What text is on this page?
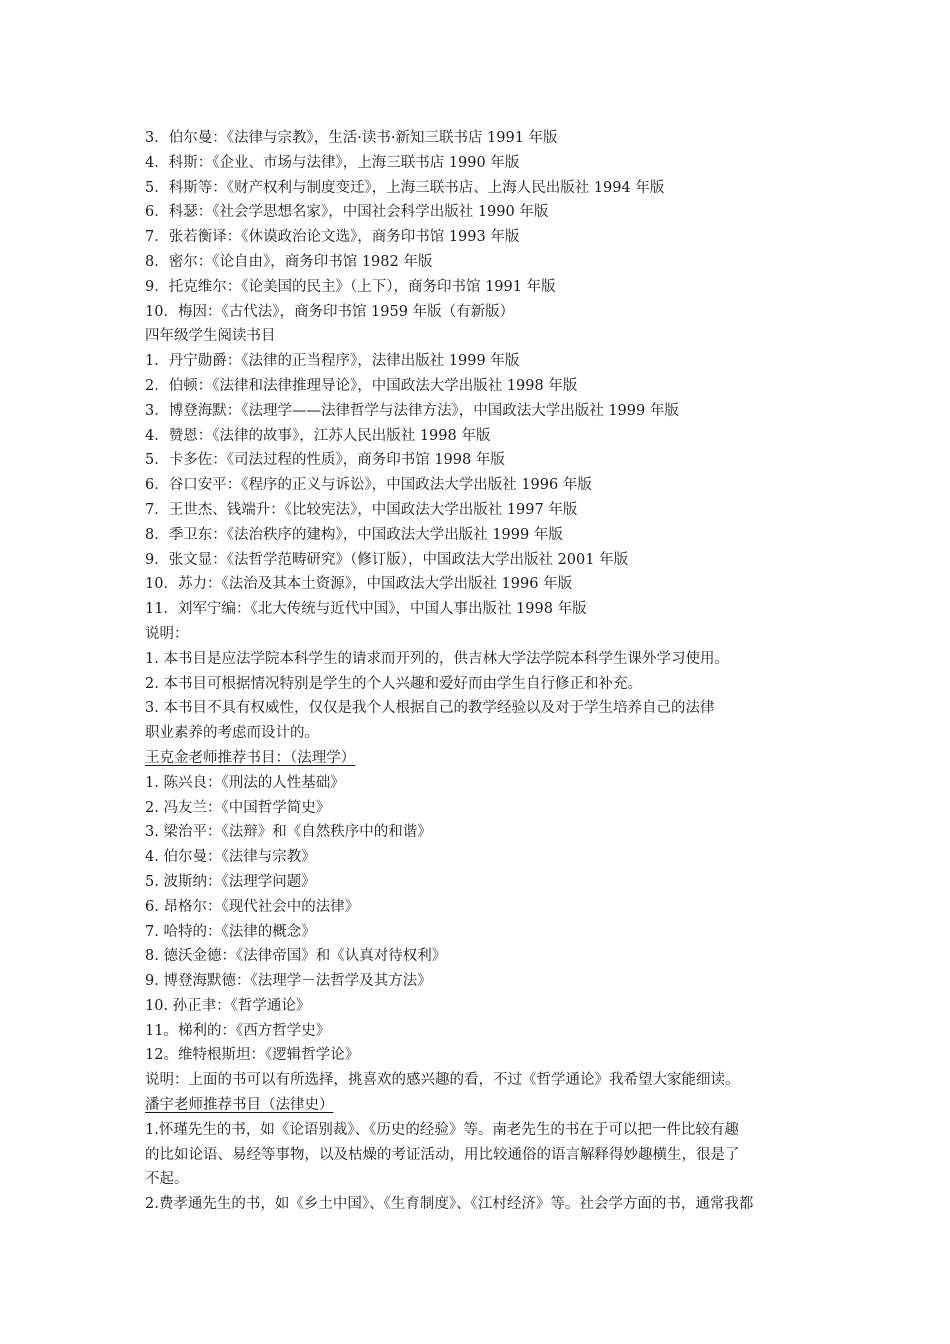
3．伯尔曼：《法律与宗教》，生活·读书·新知三联书店 1991 年版
4．科斯：《企业、市场与法律》，上海三联书店 1990 年版
5．科斯等：《财产权利与制度变迁》，上海三联书店、上海人民出版社 1994 年版
6．科瑟：《社会学思想名家》，中国社会科学出版社 1990 年版
7．张若衡译：《休谟政治论文选》，商务印书馆 1993 年版
8．密尔：《论自由》，商务印书馆 1982 年版
9．托克维尔：《论美国的民主》（上下），商务印书馆 1991 年版
10．梅因：《古代法》，商务印书馆 1959 年版（有新版）
四年级学生阅读书目
1．丹宁勋爵：《法律的正当程序》，法律出版社 1999 年版
2．伯顿：《法律和法律推理导论》，中国政法大学出版社 1998 年版
3．博登海默：《法理学——法律哲学与法律方法》，中国政法大学出版社 1999 年版
4．赞恩：《法律的故事》，江苏人民出版社 1998 年版
5．卡多佐：《司法过程的性质》，商务印书馆 1998 年版
6．谷口安平：《程序的正义与诉讼》，中国政法大学出版社 1996 年版
7．王世杰、钱端升：《比较宪法》，中国政法大学出版社 1997 年版
8．季卫东：《法治秩序的建构》，中国政法大学出版社 1999 年版
9．张文显：《法哲学范畴研究》（修订版），中国政法大学出版社 2001 年版
10．苏力：《法治及其本土资源》，中国政法大学出版社 1996 年版
11．刘军宁编：《北大传统与近代中国》，中国人事出版社 1998 年版
说明：
1. 本书目是应法学院本科学生的请求而开列的，供吉林大学法学院本科学生课外学习使用。
2. 本书目可根据情况特别是学生的个人兴趣和爱好而由学生自行修正和补充。
3. 本书目不具有权威性，仅仅是我个人根据自己的教学经验以及对于学生培养自己的法律
职业素养的考虑而设计的。
王克金老师推荐书目：（法理学）
1. 陈兴良：《刑法的人性基础》
2. 冯友兰：《中国哲学简史》
3. 梁治平：《法辩》和《自然秩序中的和谐》
4. 伯尔曼：《法律与宗教》
5. 波斯纳：《法理学问题》
6. 昂格尔：《现代社会中的法律》
7. 哈特的：《法律的概念》
8. 德沃金德：《法律帝国》和《认真对待权利》
9. 博登海默德：《法理学－法哲学及其方法》
10. 孙正聿：《哲学通论》
11。梯利的：《西方哲学史》
12。维特根斯坦：《逻辑哲学论》
说明：上面的书可以有所选择，挑喜欢的感兴趣的看，不过《哲学通论》我希望大家能细读。
潘宇老师推荐书目（法律史）
1.怀瑾先生的书，如《论语别裁》、《历史的经验》等。南老先生的书在于可以把一件比较有趣
的比如论语、易经等事物，以及枯燥的考证活动，用比较通俗的语言解释得妙趣横生，很是了
不起。
2.费孝通先生的书，如《乡土中国》、《生育制度》、《江村经济》等。社会学方面的书，通常我都
